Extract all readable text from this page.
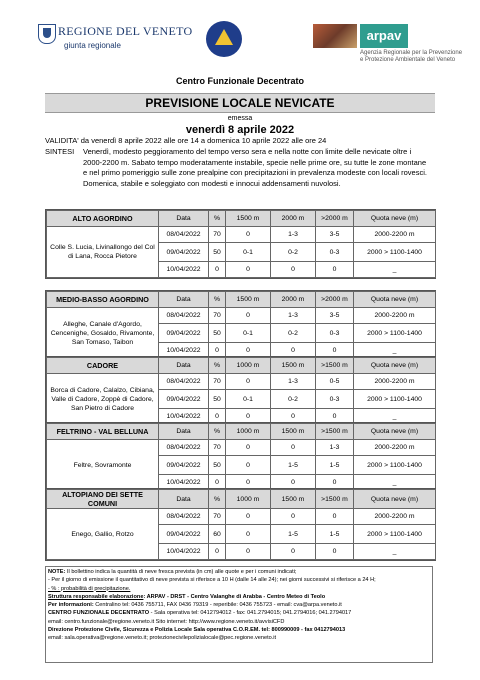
REGIONE DEL VENETO
giunta regionale
arpav
Agenzia Regionale per la Prevenzione
e Protezione Ambientale del Veneto
Centro Funzionale Decentrato
PREVISIONE LOCALE NEVICATE
emessa
venerdì 8 aprile 2022
VALIDITA' da venerdì 8 aprile 2022 alle ore 14 a domenica 10 aprile 2022 alle ore 24
SINTESI Venerdì, modesto peggioramento del tempo verso sera e nella notte con limite delle nevicate oltre i 2000-2200 m. Sabato tempo moderatamente instabile, specie nelle prime ore, su tutte le zone montane e nel primo pomeriggio sulle zone prealpine con precipitazioni in prevalenza modeste con locali rovesci. Domenica, stabile e soleggiato con modesti e innocui addensamenti nuvolosi.
ALTO AGORDINO	Data	%	1500 m	2000 m	>2000 m	Quota neve (m)
Colle S. Lucia, Livinallongo del Col di Lana, Rocca Pietore	08/04/2022	70	0	1-3	3-5	2000-2200 m
	09/04/2022	50	0-1	0-2	0-3	2000 > 1100-1400
	10/04/2022	0	0	0	0	_
MEDIO-BASSO AGORDINO	Data	%	1500 m	2000 m	>2000 m	Quota neve (m)
Alleghe, Canale d'Agordo, Cencenighe, Gosaldo, Rivamonte, San Tomaso, Taibon	08/04/2022	70	0	1-3	3-5	2000-2200 m
	09/04/2022	50	0-1	0-2	0-3	2000 > 1100-1400
	10/04/2022	0	0	0	0	_
CADORE	Data	%	1000 m	1500 m	>1500 m	Quota neve (m)
Borca di Cadore, Calalzo, Cibiana, Valle di Cadore, Zoppè di Cadore, San Pietro di Cadore	08/04/2022	70	0	1-3	0-5	2000-2200 m
	09/04/2022	50	0-1	0-2	0-3	2000 > 1100-1400
	10/04/2022	0	0	0	0	_
FELTRINO - VAL BELLUNA	Data	%	1000 m	1500 m	>1500 m	Quota neve (m)
Feltre, Sovramonte	08/04/2022	70	0	0	1-3	2000-2200 m
	09/04/2022	50	0	1-5	1-5	2000 > 1100-1400
	10/04/2022	0	0	0	0	_
ALTOPIANO DEI SETTE COMUNI	Data	%	1000 m	1500 m	>1500 m	Quota neve (m)
Enego, Gallio, Rotzo	08/04/2022	70	0	0	0	2000-2200 m
	09/04/2022	60	0	1-5	1-5	2000 > 1100-1400
	10/04/2022	0	0	0	0	_
NOTE: Il bollettino indica la quantità di neve fresca prevista (in cm) alle quote e per i comuni indicati;
- Per il giorno di emissione il quantitativo di neve prevista si riferisce a 10 H (dalle 14 alle 24); nei giorni successivi si riferisce a 24 H;
- % : probabilità di precipitazione.
Struttura responsabile elaborazione: ARPAV - DRST - Centro Valanghe di Arabba - Centro Meteo di Teolo
Per informazioni: Centralino tel: 0436 755711, FAX 0436 79319 - reperibile: 0436 755723 - email: cva@arpa.veneto.it
CENTRO FUNZIONALE DECENTRATO - Sala operativa tel: 0412794012 - fax: 041.2794015; 041.2794016; 041.2794017
email: centro.funzionale@regione.veneto.it Sito internet: http://www.regione.veneto.it/avvisiCFD
Direzione Protezione Civile, Sicurezza e Polizia Locale Sala operativa C.O.R.EM. tel: 800990009 - fax 0412794013
email: sala.operativa@regione.veneto.it; protezionecivilepolizialocale@pec.regione.veneto.it
